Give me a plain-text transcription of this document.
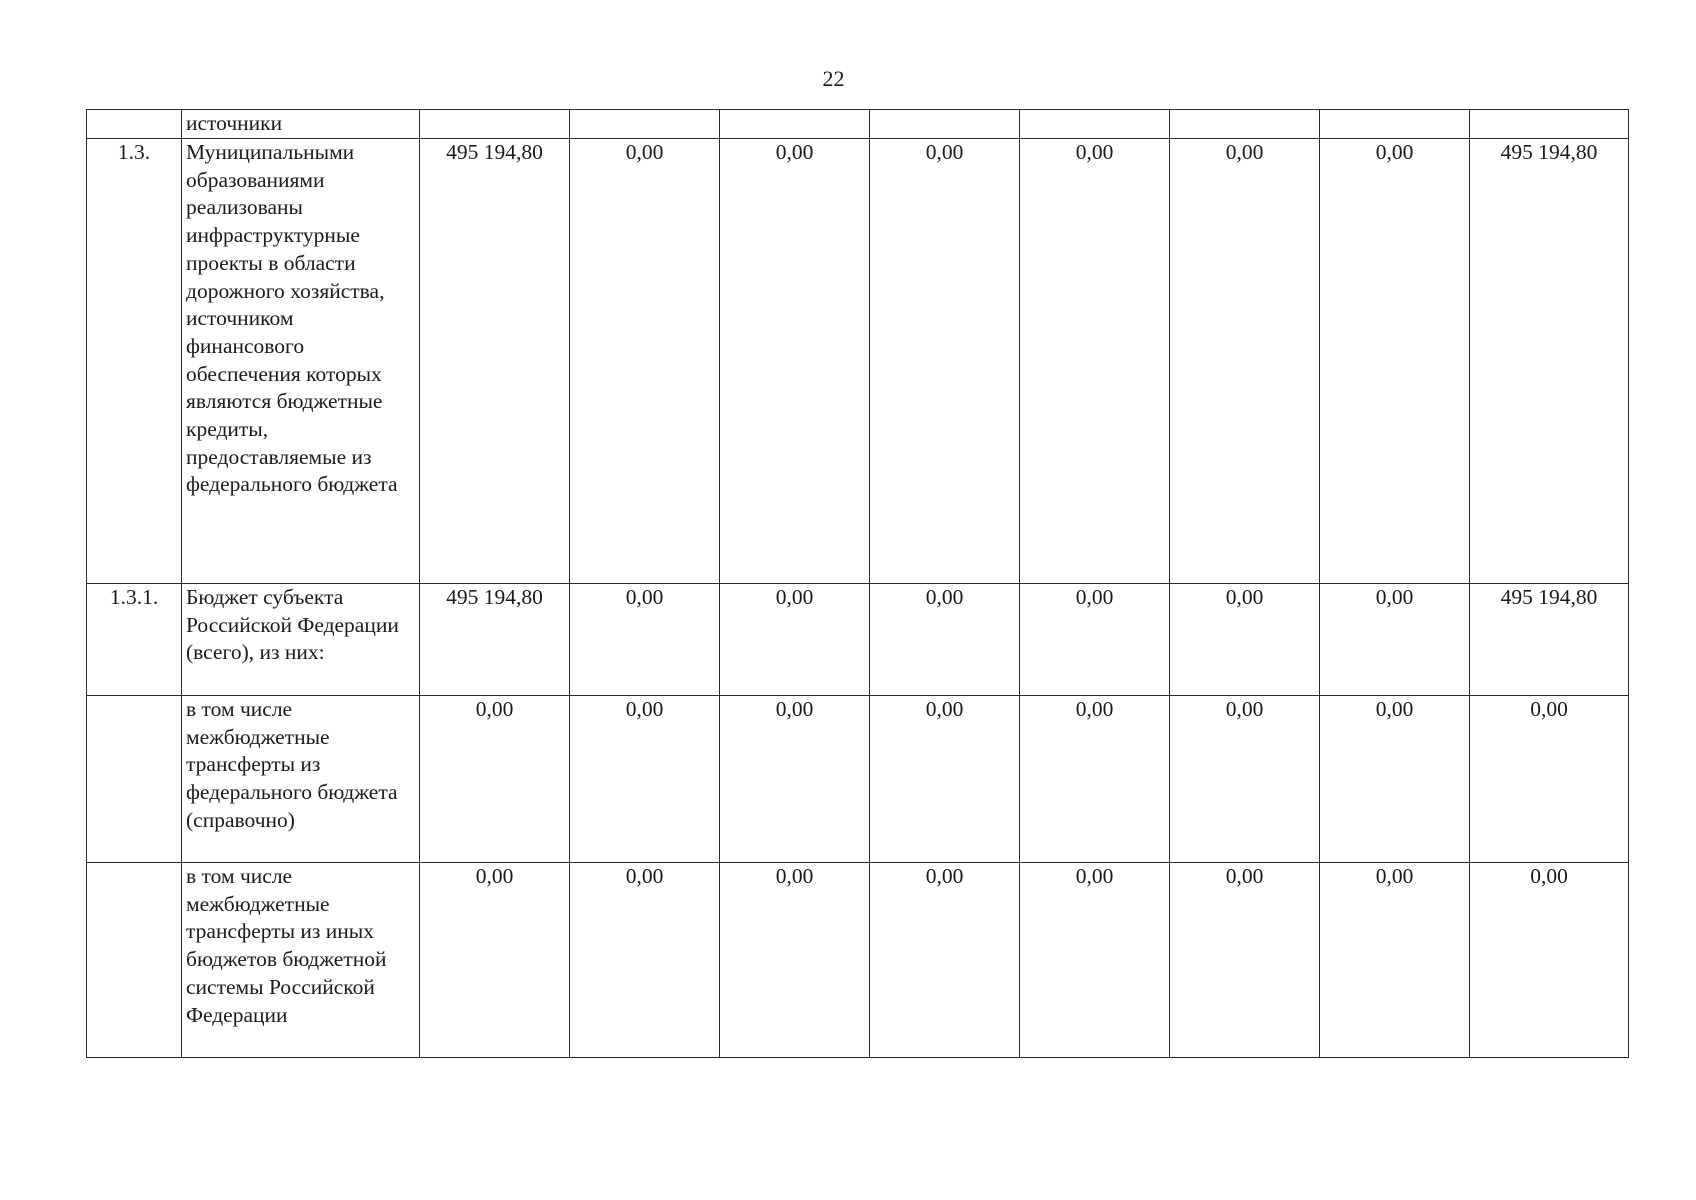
22
	источники								
1.3.	Муниципальными образованиями реализованы инфраструктурные проекты в области дорожного хозяйства, источником финансового обеспечения которых являются бюджетные кредиты, предоставляемые из федерального бюджета	495 194,80	0,00	0,00	0,00	0,00	0,00	0,00	495 194,80
1.3.1.	Бюджет субъекта Российской Федерации (всего), из них:	495 194,80	0,00	0,00	0,00	0,00	0,00	0,00	495 194,80
	в том числе межбюджетные трансферты из федерального бюджета (справочно)	0,00	0,00	0,00	0,00	0,00	0,00	0,00	0,00
	в том числе межбюджетные трансферты из иных бюджетов бюджетной системы Российской Федерации	0,00	0,00	0,00	0,00	0,00	0,00	0,00	0,00
